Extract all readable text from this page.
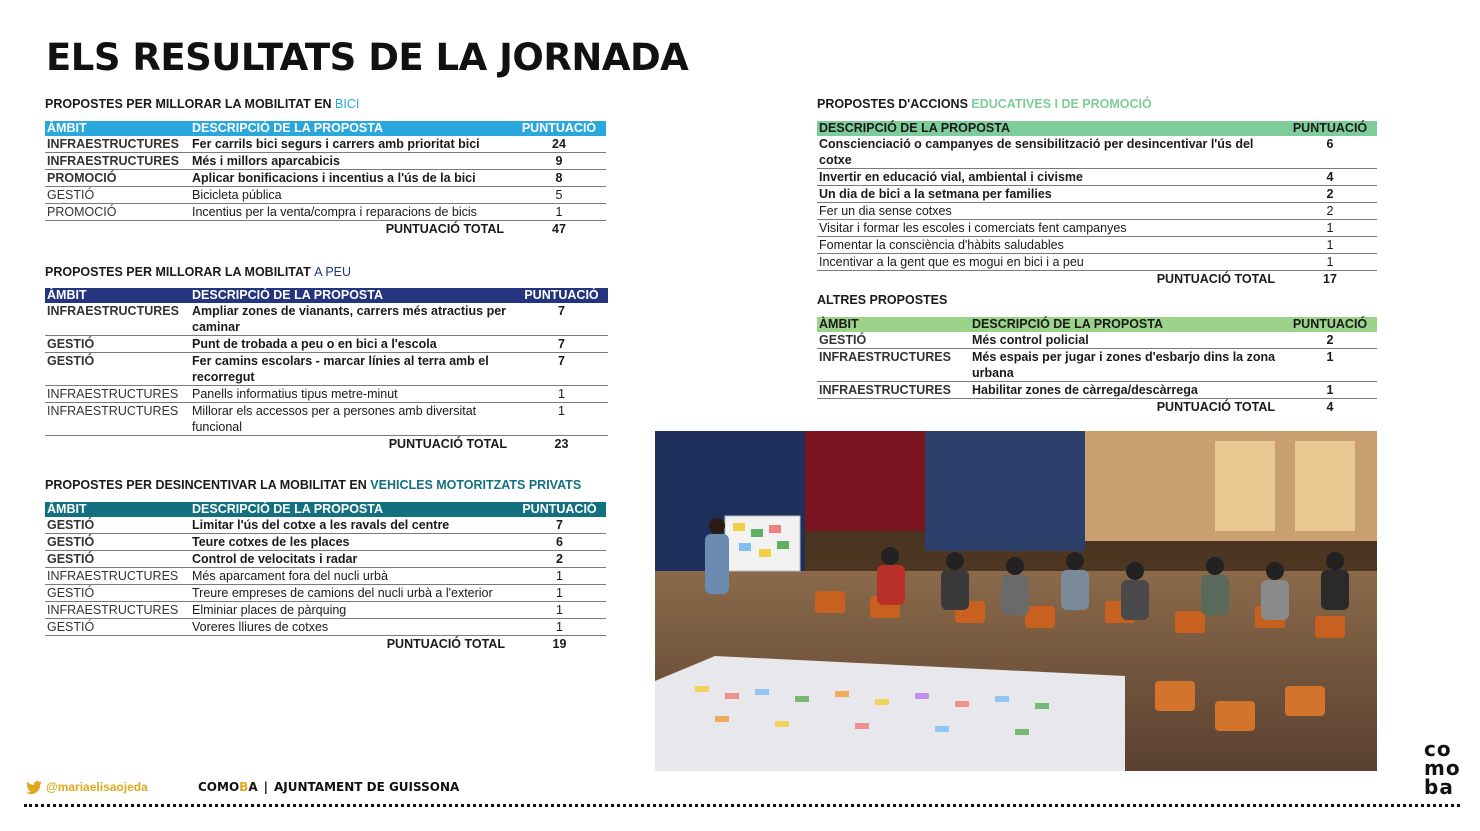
ELS RESULTATS DE LA JORNADA
PROPOSTES PER MILLORAR LA MOBILITAT EN BICI
ÀMBIT	DESCRIPCIÓ DE LA PROPOSTA	PUNTUACIÓ
INFRAESTRUCTURES	Fer carrils bici segurs i carrers amb prioritat bici	24
INFRAESTRUCTURES	Més i millors aparcabicis	9
PROMOCIÓ	Aplicar bonificacions i incentius a l'ús de la bici	8
GESTIÓ	Bicicleta pública	5
PROMOCIÓ	Incentius per la venta/compra i reparacions de bicis	1
PUNTUACIÓ TOTAL		47
PROPOSTES PER MILLORAR LA MOBILITAT A PEU
ÀMBIT	DESCRIPCIÓ DE LA PROPOSTA	PUNTUACIÓ
INFRAESTRUCTURES	Ampliar zones de vianants, carrers més atractius per caminar	7
GESTIÓ	Punt de trobada a peu o en bici a l'escola	7
GESTIÓ	Fer camins escolars - marcar línies al terra amb el recorregut	7
INFRAESTRUCTURES	Panells informatius tipus metre-minut	1
INFRAESTRUCTURES	Millorar els accessos per a persones amb diversitat funcional	1
PUNTUACIÓ TOTAL		23
PROPOSTES PER DESINCENTIVAR LA MOBILITAT EN VEHICLES MOTORITZATS PRIVATS
ÀMBIT	DESCRIPCIÓ DE LA PROPOSTA	PUNTUACIÓ
GESTIÓ	Limitar l'ús del cotxe a les ravals del centre	7
GESTIÓ	Teure cotxes de les places	6
GESTIÓ	Control de velocitats i radar	2
INFRAESTRUCTURES	Més aparcament fora del nucli urbà	1
GESTIÓ	Treure empreses de camions del nucli urbà a l'exterior	1
INFRAESTRUCTURES	Elminiar places de pàrquing	1
GESTIÓ	Voreres lliures de cotxes	1
PUNTUACIÓ TOTAL		19
PROPOSTES D'ACCIONS EDUCATIVES I DE PROMOCIÓ
DESCRIPCIÓ DE LA PROPOSTA	PUNTUACIÓ
Conscienciació o campanyes de sensibilització per desincentivar l'ús del cotxe	6
Invertir en educació vial, ambiental i civisme	4
Un dia de bici a la setmana per families	2
Fer un dia sense cotxes	2
Visitar i formar les escoles i comerciats fent campanyes	1
Fomentar la consciència d'hàbits saludables	1
Incentivar a la gent que es mogui en bici i a peu	1
PUNTUACIÓ TOTAL	17
ALTRES PROPOSTES
ÀMBIT	DESCRIPCIÓ DE LA PROPOSTA	PUNTUACIÓ
GESTIÓ	Més control policial	2
INFRAESTRUCTURES	Més espais per jugar i zones d'esbarjo dins la zona urbana	1
INFRAESTRUCTURES	Habilitar zones de càrrega/descàrrega	1
PUNTUACIÓ TOTAL		4
@mariaelisaojeda	COMOBA | AJUNTAMENT DE GUISSONA
co
mo
ba
